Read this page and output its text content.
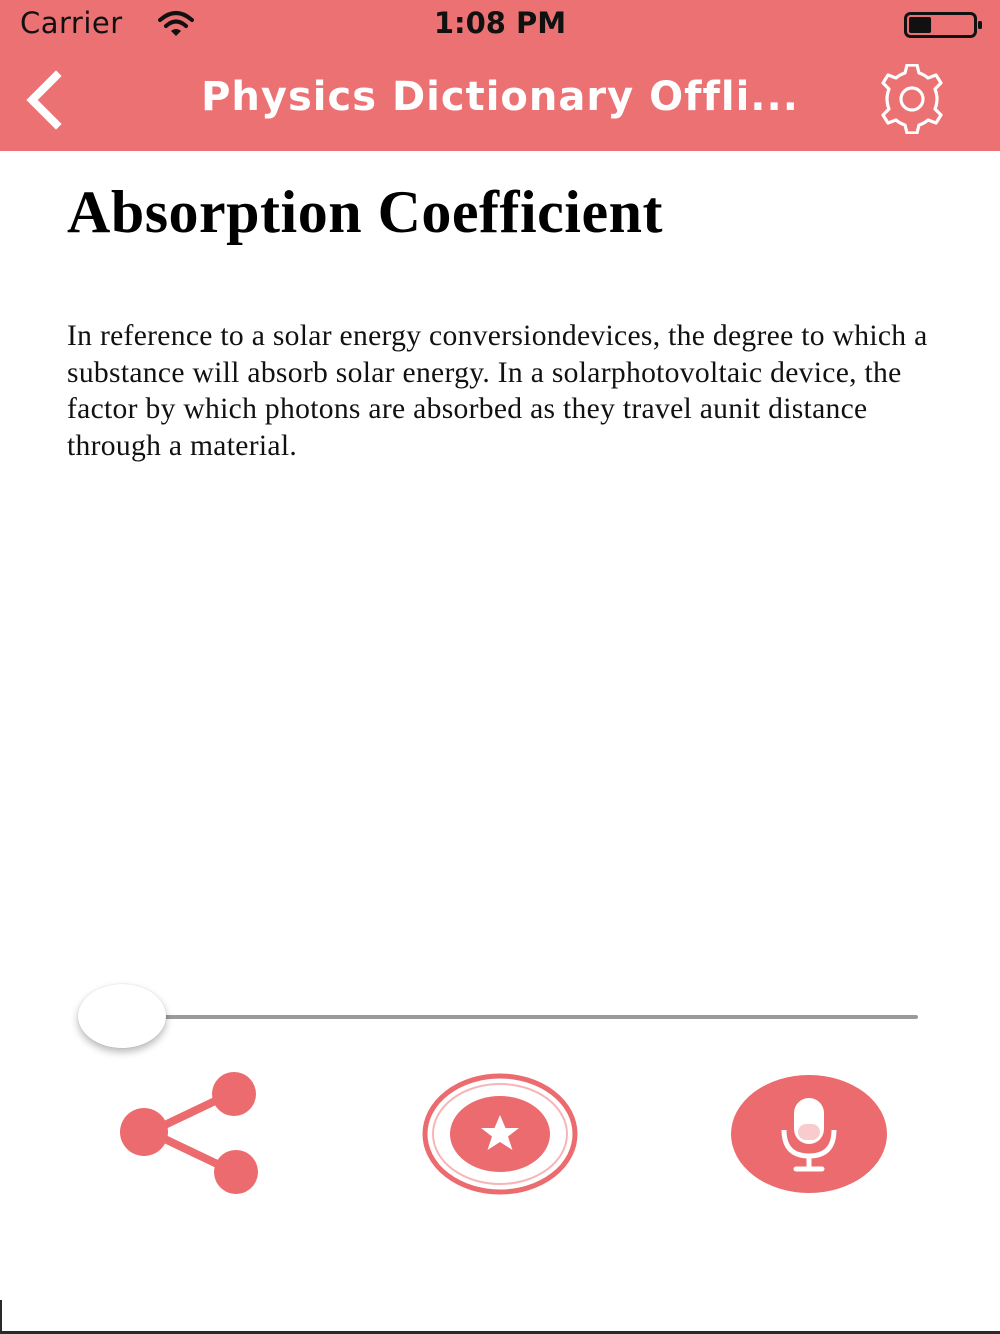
Carrier	1:08 PM
Physics Dictionary Offli...
Absorption Coefficient
In reference to a solar energy conversiondevices, the degree to which a substance will absorb solar energy. In a solarphotovoltaic device, the factor by which photons are absorbed as they travel aunit distance through a material.
